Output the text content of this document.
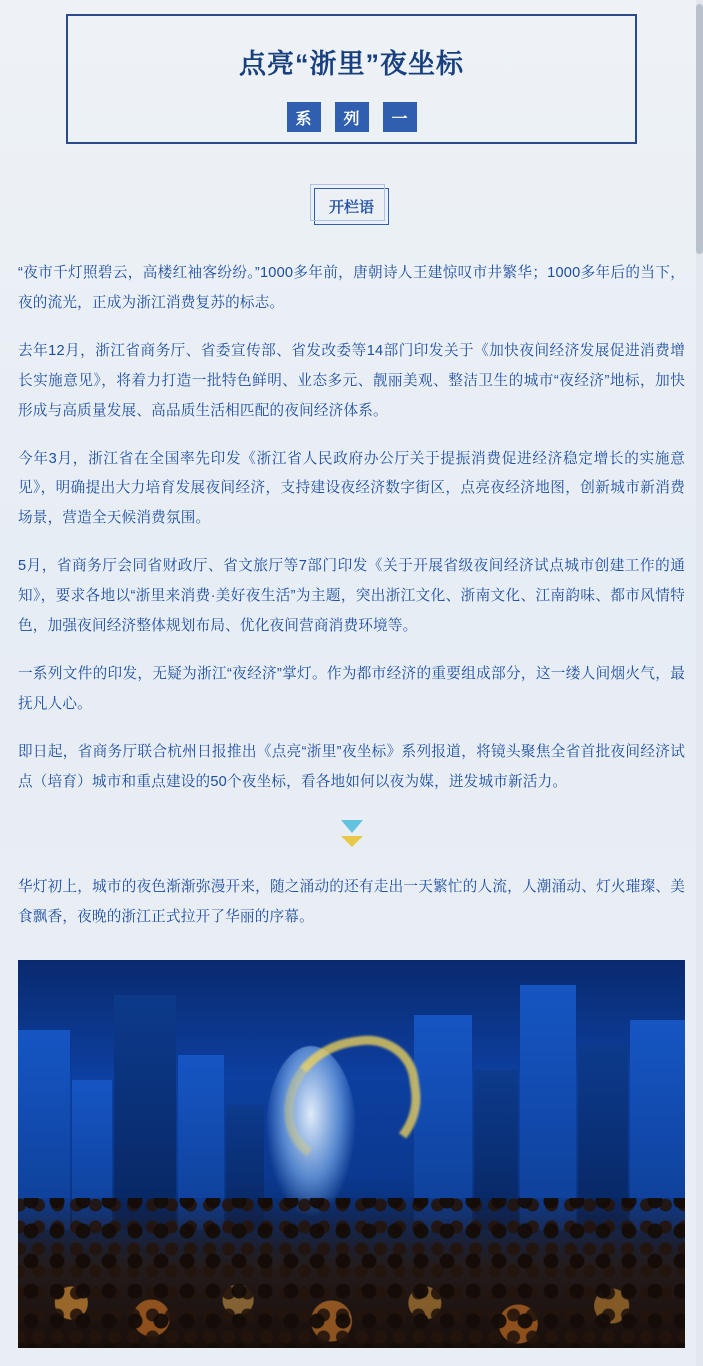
点亮“浙里”夜坐标
系	列	一
开栏语

“夜市千灯照碧云，高楼红袖客纷纷。”1000多年前，唐朝诗人王建惊叹市井繁华；1000多年后的当下，夜的流光，正成为浙江消费复苏的标志。

去年12月，浙江省商务厅、省委宣传部、省发改委等14部门印发关于《加快夜间经济发展促进消费增长实施意见》，将着力打造一批特色鲜明、业态多元、靓丽美观、整洁卫生的城市“夜经济”地标，加快形成与高质量发展、高品质生活相匹配的夜间经济体系。

今年3月，浙江省在全国率先印发《浙江省人民政府办公厅关于提振消费促进经济稳定增长的实施意见》，明确提出大力培育发展夜间经济，支持建设夜经济数字街区，点亮夜经济地图，创新城市新消费场景，营造全天候消费氛围。

5月，省商务厅会同省财政厅、省文旅厅等7部门印发《关于开展省级夜间经济试点城市创建工作的通知》，要求各地以“浙里来消费·美好夜生活”为主题，突出浙江文化、浙南文化、江南韵味、都市风情特色，加强夜间经济整体规划布局、优化夜间营商消费环境等。

一系列文件的印发，无疑为浙江“夜经济”掌灯。作为都市经济的重要组成部分，这一缕人间烟火气，最抚凡人心。

即日起，省商务厅联合杭州日报推出《点亮“浙里”夜坐标》系列报道，将镜头聚焦全省首批夜间经济试点（培育）城市和重点建设的50个夜坐标，看各地如何以夜为媒，迸发城市新活力。

华灯初上，城市的夜色渐渐弥漫开来，随之涌动的还有走出一天繁忙的人流，人潮涌动、灯火璀璨、美食飘香，夜晚的浙江正式拉开了华丽的序幕。
